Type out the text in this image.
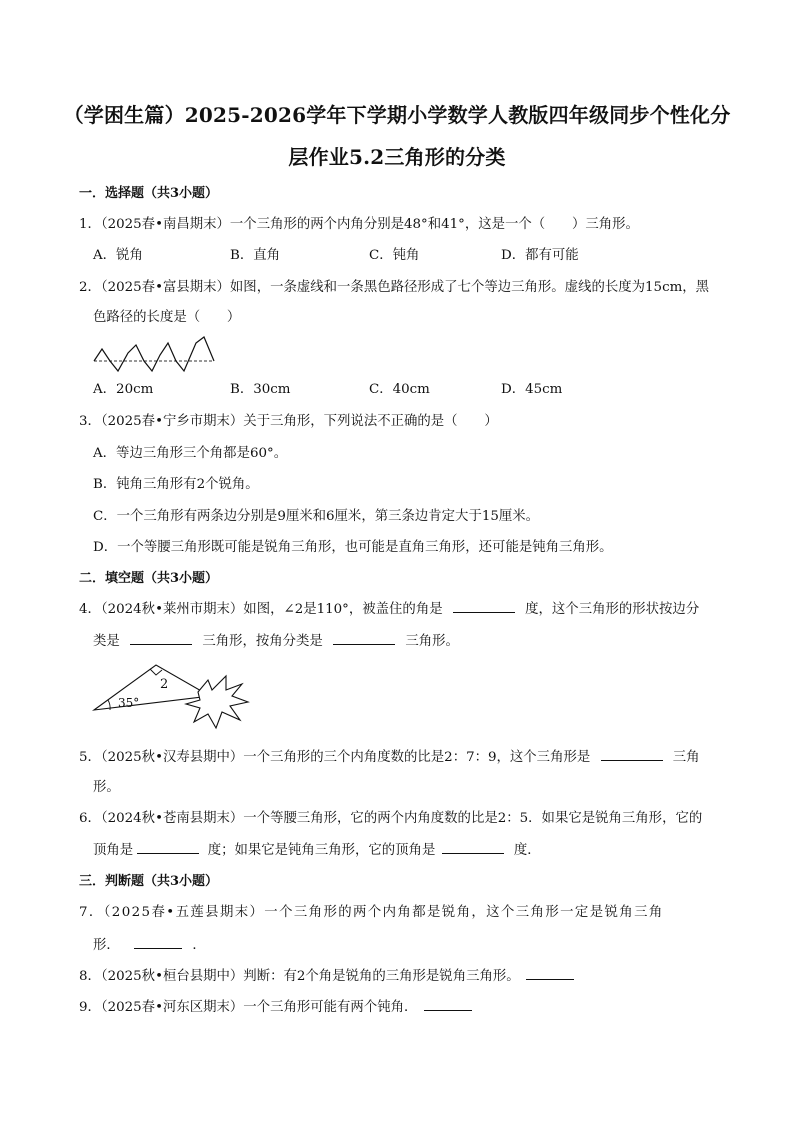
（学困生篇）2025-2026学年下学期小学数学人教版四年级同步个性化分
层作业5.2三角形的分类
一．选择题（共3小题）
1．（2025春•南昌期末）一个三角形的两个内角分别是48°和41°，这是一个（　　）三角形。
A．锐角	B．直角	C．钝角	D．都有可能
2．（2025春•富县期末）如图，一条虚线和一条黑色路径形成了七个等边三角形。虚线的长度为15cm，黑
色路径的长度是（　　）
A．20cm	B．30cm	C．40cm	D．45cm
3．（2025春•宁乡市期末）关于三角形，下列说法不正确的是（　　）
A．等边三角形三个角都是60°。
B．钝角三角形有2个锐角。
C．一个三角形有两条边分别是9厘米和6厘米，第三条边肯定大于15厘米。
D．一个等腰三角形既可能是锐角三角形，也可能是直角三角形，还可能是钝角三角形。
二．填空题（共3小题）
4．（2024秋•莱州市期末）如图，∠2是110°，被盖住的角是	度，这个三角形的形状按边分
类是	三角形，按角分类是	三角形。
2
35°
5．（2025秋•汉寿县期中）一个三角形的三个内角度数的比是2：7：9，这个三角形是	三角
形。
6．（2024秋•苍南县期末）一个等腰三角形，它的两个内角度数的比是2：5．如果它是锐角三角形，它的
顶角是	度；如果它是钝角三角形，它的顶角是	度．
三．判断题（共3小题）
7．（2025春•五莲县期末）一个三角形的两个内角都是锐角，这个三角形一定是锐角三角
形．	．
8．（2025秋•桓台县期中）判断：有2个角是锐角的三角形是锐角三角形。
9．（2025春•河东区期末）一个三角形可能有两个钝角．
